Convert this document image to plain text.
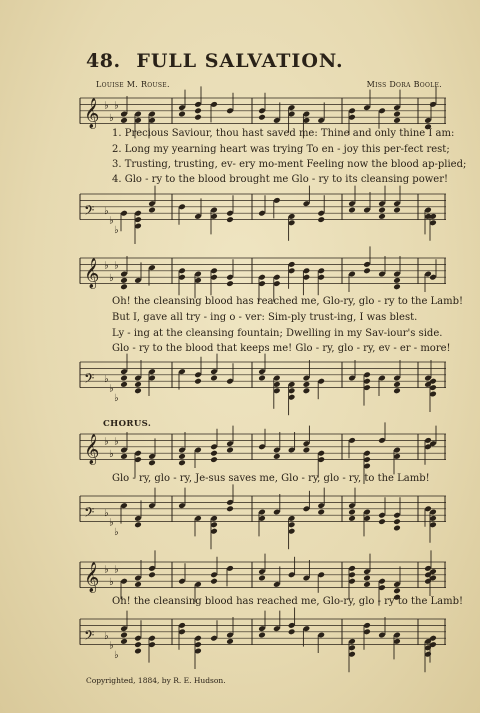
48. FULL SALVATION.
Louise M. Rouse.	Miss Dora Boole.
𝄞 ♭
♭
♭
1. Precious Saviour, thou hast saved me: Thine and only thine I am:
2. Long my yearning heart was trying To en - joy this per-fect rest;
3. Trusting, trusting, ev- ery mo-ment Feeling now the blood ap-plied;
4. Glo - ry to the blood brought me Glo - ry to its cleansing power!
𝄢 ♭
♭
♭
𝄞 ♭
♭
♭
Oh! the cleansing blood has reached me, Glo-ry, glo - ry to the Lamb!
But I, gave all try - ing o - ver: Sim-ply trust-ing, I was blest.
Ly - ing at the cleansing fountain; Dwelling in my Sav-iour's side.
Glo - ry to the blood that keeps me! Glo - ry, glo - ry, ev - er - more!
𝄢 ♭
♭
♭
CHORUS.
𝄞 ♭
♭
♭
Glo - ry, glo - ry, Je-sus saves me, Glo - ry, glo - ry, to the Lamb!
𝄢 ♭
♭
♭
𝄞 ♭
♭
♭
Oh! the cleansing blood has reached me, Glo-ry, glo - ry to the Lamb!
𝄢 ♭
♭
♭
Copyrighted, 1884, by R. E. Hudson.
